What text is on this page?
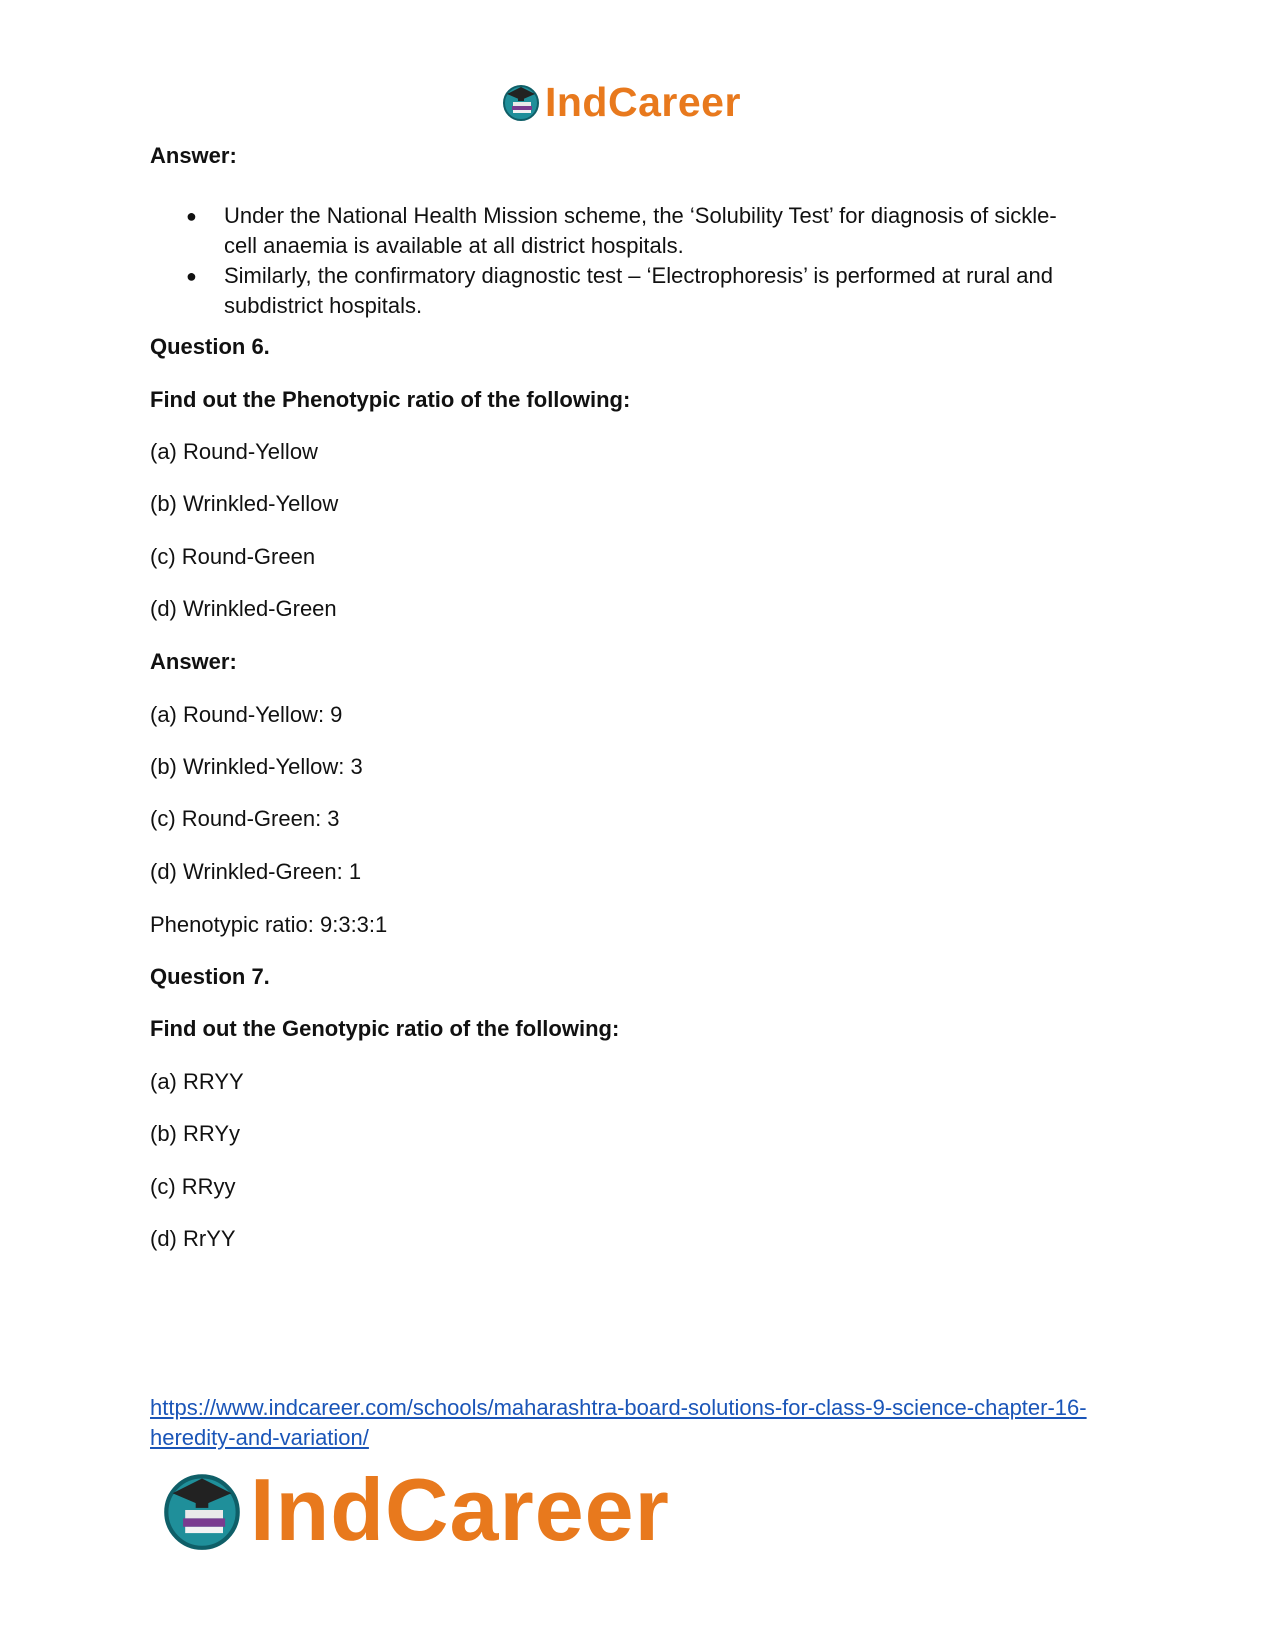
IndCareer
Answer:

● Under the National Health Mission scheme, the ‘Solubility Test’ for diagnosis of sickle-cell anaemia is available at all district hospitals.

● Similarly, the confirmatory diagnostic test – ‘Electrophoresis’ is performed at rural and subdistrict hospitals.

Question 6.
Find out the Phenotypic ratio of the following:
(a) Round-Yellow
(b) Wrinkled-Yellow
(c) Round-Green
(d) Wrinkled-Green
Answer:
(a) Round-Yellow: 9
(b) Wrinkled-Yellow: 3
(c) Round-Green: 3
(d) Wrinkled-Green: 1
Phenotypic ratio: 9:3:3:1
Question 7.
Find out the Genotypic ratio of the following:
(a) RRYY
(b) RRYy
(c) RRyy
(d) RrYY
https://www.indcareer.com/schools/maharashtra-board-solutions-for-class-9-science-chapter-16-
heredity-and-variation/
IndCareer
